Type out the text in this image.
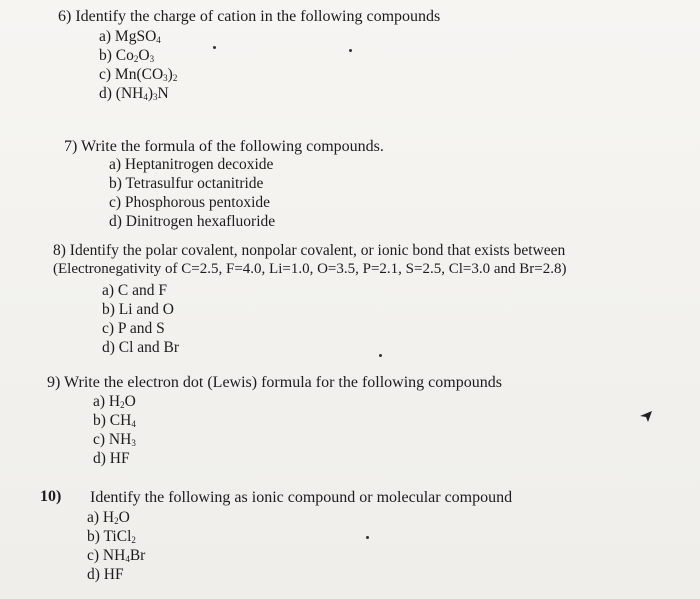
6) Identify the charge of cation in the following compounds
a) MgSO$_4$
b) $Co_2O_3$
c) $Mn(CO_3)_2$
d) $(NH_4)_3N$
7) Write the formula of the following compounds.
a) Heptanitrogen decoxide
b) Tetrasulfur octanitride
c) Phosphorous pentoxide
d) Dinitrogen hexafluoride
8) Identify the polar covalent, nonpolar covalent, or ionic bond that exists between
(Electronegativity of C=2.5, F=4.0, Li=1.0, O=3.5, P=2.1, S=2.5, Cl=3.0 and Br=2.8)
a) C and F
b) Li and O
c) P and S
d) Cl and Br
9) Write the electron dot (Lewis) formula for the following compounds
a) $H_2O$
b) $CH_4$
c) $NH_3$
d) HF
10) Identify the following as ionic compound or molecular compound
a) $H_2O$
b) TiCl$_2$
c) $NH_4Br$
d) HF
